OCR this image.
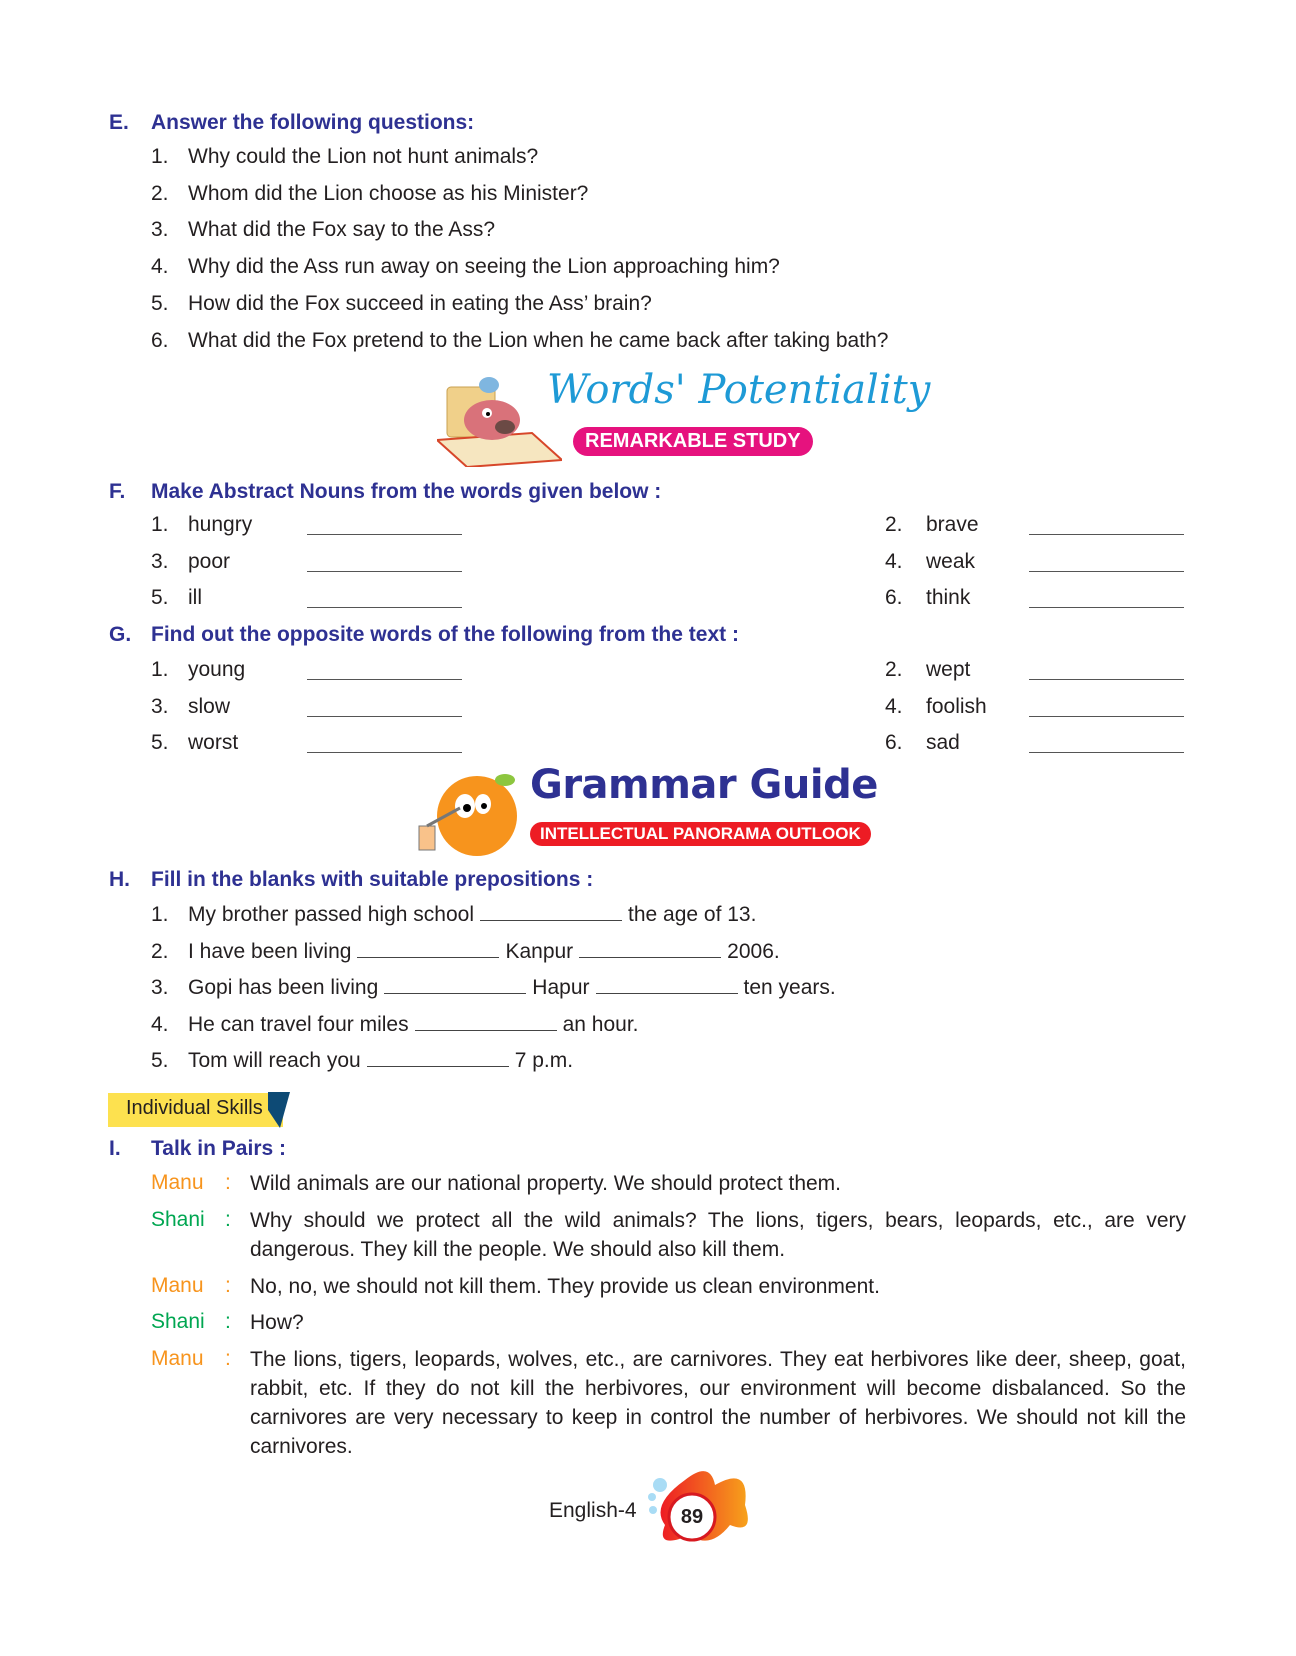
E. Answer the following questions:
1. Why could the Lion not hunt animals?
2. Whom did the Lion choose as his Minister?
3. What did the Fox say to the Ass?
4. Why did the Ass run away on seeing the Lion approaching him?
5. How did the Fox succeed in eating the Ass’ brain?
6. What did the Fox pretend to the Lion when he came back after taking bath?
Words' Potentiality
REMARKABLE STUDY
F. Make Abstract Nouns from the words given below :
1. hungry	2. brave
3. poor	4. weak
5. ill	6. think
G. Find out the opposite words of the following from the text :
1. young	2. wept
3. slow	4. foolish
5. worst	6. sad
Grammar Guide
INTELLECTUAL PANORAMA OUTLOOK
H. Fill in the blanks with suitable prepositions :
1. My brother passed high school	the age of 13.
2. I have been living	Kanpur	2006.
3. Gopi has been living	Hapur	ten years.
4. He can travel four miles	an hour.
5. Tom will reach you	7 p.m.
Individual Skills
I. Talk in Pairs :
Manu : Wild animals are our national property. We should protect them.
Shani : Why should we protect all the wild animals? The lions, tigers, bears, leopards, etc., are very dangerous. They kill the people. We should also kill them.
Manu : No, no, we should not kill them. They provide us clean environment.
Shani : How?
Manu : The lions, tigers, leopards, wolves, etc., are carnivores. They eat herbivores like deer, sheep, goat, rabbit, etc. If they do not kill the herbivores, our environment will become disbalanced. So the carnivores are very necessary to keep in control the number of herbivores. We should not kill the carnivores.
English-4	89
